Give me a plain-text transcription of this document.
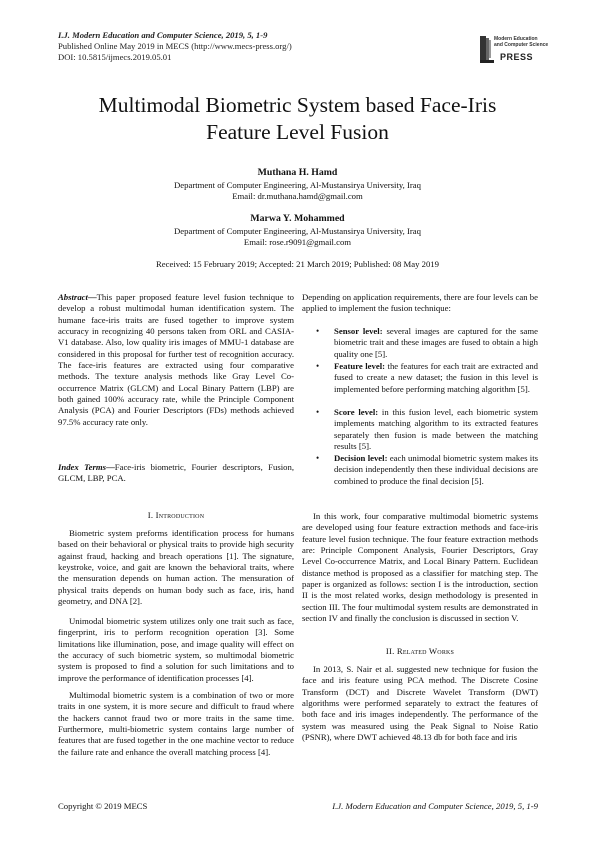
I.J. Modern Education and Computer Science, 2019, 5, 1-9
Published Online May 2019 in MECS (http://www.mecs-press.org/)
DOI: 10.5815/ijmecs.2019.05.01
Modern Education
and Computer Science
PRESS
Multimodal Biometric System based Face-Iris
Feature Level Fusion
Muthana H. Hamd
Department of Computer Engineering, Al-Mustansirya University, Iraq
Email: dr.muthana.hamd@gmail.com
Marwa Y. Mohammed
Department of Computer Engineering, Al-Mustansirya University, Iraq
Email: rose.r9091@gmail.com
Received: 15 February 2019; Accepted: 21 March 2019; Published: 08 May 2019
Abstract—This paper proposed feature level fusion technique to develop a robust multimodal human identification system. The humane face-iris traits are fused together to improve system accuracy in recognizing 40 persons taken from ORL and CASIA-V1 database. Also, low quality iris images of MMU-1 database are considered in this proposal for further test of recognition accuracy. The face-iris features are extracted using four comparative methods. The texture analysis methods like Gray Level Co-occurrence Matrix (GLCM) and Local Binary Pattern (LBP) are both gained 100% accuracy rate, while the Principle Component Analysis (PCA) and Fourier Descriptors (FDs) methods achieved 97.5% accuracy rate only.
Index Terms—Face-iris biometric, Fourier descriptors, Fusion, GLCM, LBP, PCA.
I. Introduction
Biometric system preforms identification process for humans based on their behavioral or physical traits to provide high security against fraud, hacking and breach operations [1]. The signature, keystroke, voice, and gait are known the behavioral traits, where the mensuration depends on human action. The mensuration of physical traits depends on human body such as face, iris, hand geometry, and DNA [2].
Unimodal biometric system utilizes only one trait such as face, fingerprint, iris to perform recognition operation [3]. Some limitations like illumination, pose, and image quality will effect on the accuracy of such biometric system, so multimodal biometric system is proposed to find a solution for such limitations and to improve the performance of identification processes [4].
Multimodal biometric system is a combination of two or more traits in one system, it is more secure and difficult to fraud where the hackers cannot fraud two or more traits in the same time. Furthermore, multi-biometric system contains large number of features that are fused together in the one machine vector to reduce the failure rate and enhance the overall matching process [4].
Depending on application requirements, there are four levels can be applied to implement the fusion technique:
• Sensor level: several images are captured for the same biometric trait and these images are fused to obtain a high quality one [5].
• Feature level: the features for each trait are extracted and fused to create a new dataset; the fusion in this level is implemented before performing matching algorithm [5].
• Score level: in this fusion level, each biometric system implements matching algorithm to its extracted features separately then fusion is made between the matching results [5].
• Decision level: each unimodal biometric system makes its decision independently then these individual decisions are combined to produce the final decision [5].
In this work, four comparative multimodal biometric systems are developed using four feature extraction methods and face-iris feature level fusion technique. The four feature extraction methods are: Principle Component Analysis, Fourier Descriptors, Gray Level Co-occurrence Matrix, and Local Binary Pattern. Euclidean distance method is proposed as a classifier for matching step. The paper is organized as follows: section I is the introduction, section II is the most related works, design methodology is presented in section III. The four multimodal system results are demonstrated in section IV and finally the conclusion is discussed in section V.
II. Related Works
In 2013, S. Nair et al. suggested new technique for fusion the face and iris feature using PCA method. The Discrete Cosine Transform (DCT) and Discrete Wavelet Transform (DWT) algorithms were performed separately to extract the features of both face and iris images independently. The performance of the system was measured using the Peak Signal to Noise Ratio (PSNR), where DWT achieved 48.13 db for both face and iris
Copyright © 2019 MECS	I.J. Modern Education and Computer Science, 2019, 5, 1-9
